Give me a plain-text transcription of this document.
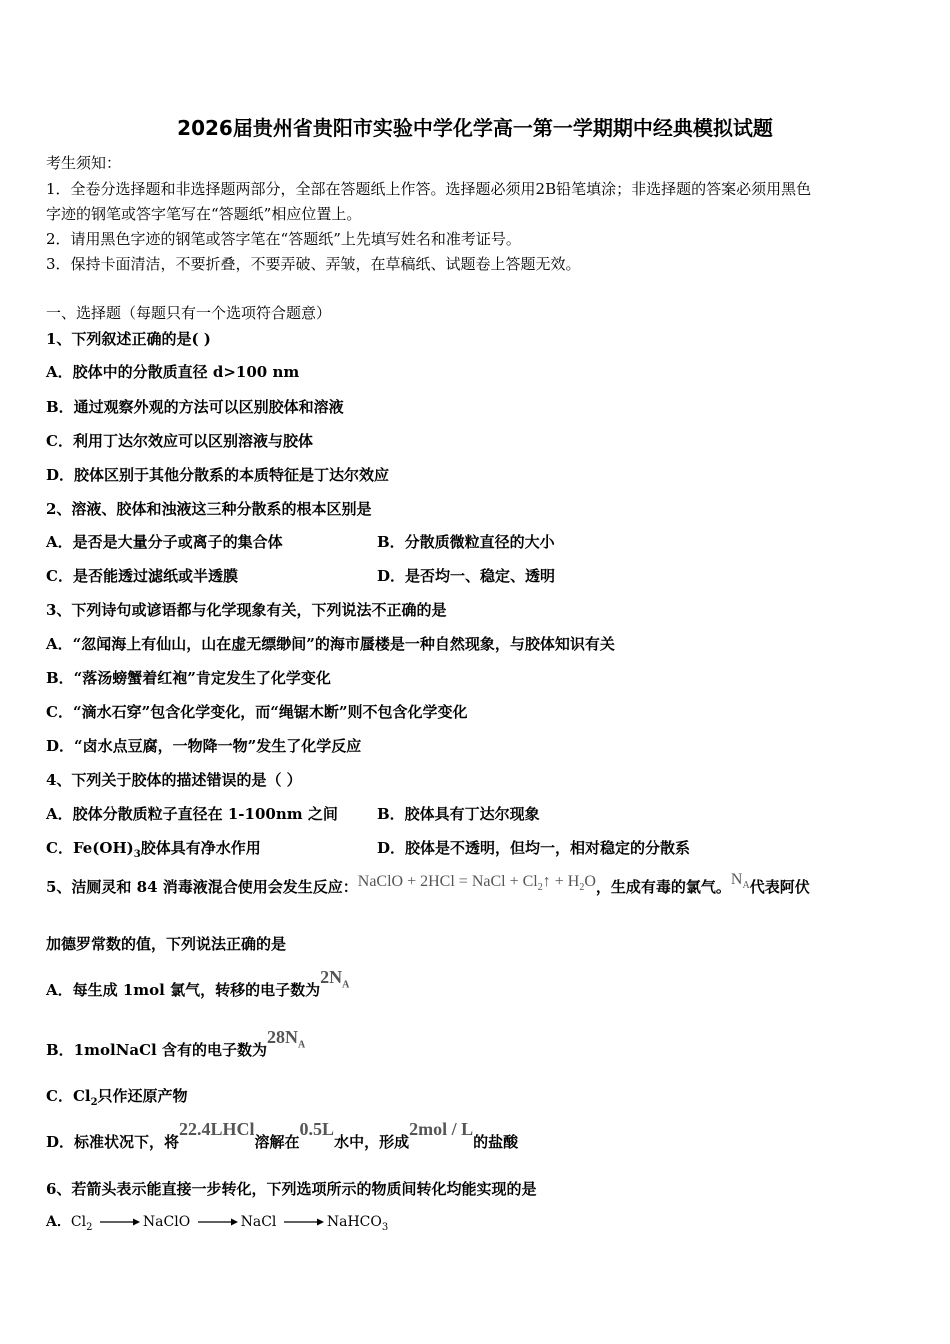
2026届贵州省贵阳市实验中学化学高一第一学期期中经典模拟试题
考生须知：
1．全卷分选择题和非选择题两部分，全部在答题纸上作答。选择题必须用2B铅笔填涂；非选择题的答案必须用黑色
字迹的钢笔或答字笔写在“答题纸”相应位置上。
2．请用黑色字迹的钢笔或答字笔在“答题纸”上先填写姓名和准考证号。
3．保持卡面清洁，不要折叠，不要弄破、弄皱，在草稿纸、试题卷上答题无效。
一、选择题（每题只有一个选项符合题意）
1、下列叙述正确的是( )
A．胶体中的分散质直径 d>100 nm
B．通过观察外观的方法可以区别胶体和溶液
C．利用丁达尔效应可以区别溶液与胶体
D．胶体区别于其他分散系的本质特征是丁达尔效应
2、溶液、胶体和浊液这三种分散系的根本区别是
A．是否是大量分子或离子的集合体	B．分散质微粒直径的大小
C．是否能透过滤纸或半透膜	D．是否均一、稳定、透明
3、下列诗句或谚语都与化学现象有关，下列说法不正确的是
A．“忽闻海上有仙山，山在虚无缥缈间”的海市蜃楼是一种自然现象，与胶体知识有关
B．“落汤螃蟹着红袍”肯定发生了化学变化
C．“滴水石穿”包含化学变化，而“绳锯木断”则不包含化学变化
D．“卤水点豆腐，一物降一物”发生了化学反应
4、下列关于胶体的描述错误的是（ ）
A．胶体分散质粒子直径在 1-100nm 之间	B．胶体具有丁达尔现象
C．$Fe(OH)_3$胶体具有净水作用	D．胶体是不透明，但均一，相对稳定的分散系
5、洁厕灵和 84 消毒液混合使用会发生反应：NaClO + 2HCl = NaCl + $Cl_2↑ + H_2O$，生成有毒的氯气。$N_A$代表阿伏
加德罗常数的值，下列说法正确的是
A．每生成 1mol 氯气，转移的电子数为$2N_A$
B．1molNaCl 含有的电子数为$28N_A$
C．$Cl_2$只作还原产物
D．标准状况下，将22.4LHCl溶解在0.5L水中，形成2mol / L的盐酸
6、若箭头表示能直接一步转化，下列选项所示的物质间转化均能实现的是
A．$Cl_2$	NaClO	NaCl	NaHCO$_3$
